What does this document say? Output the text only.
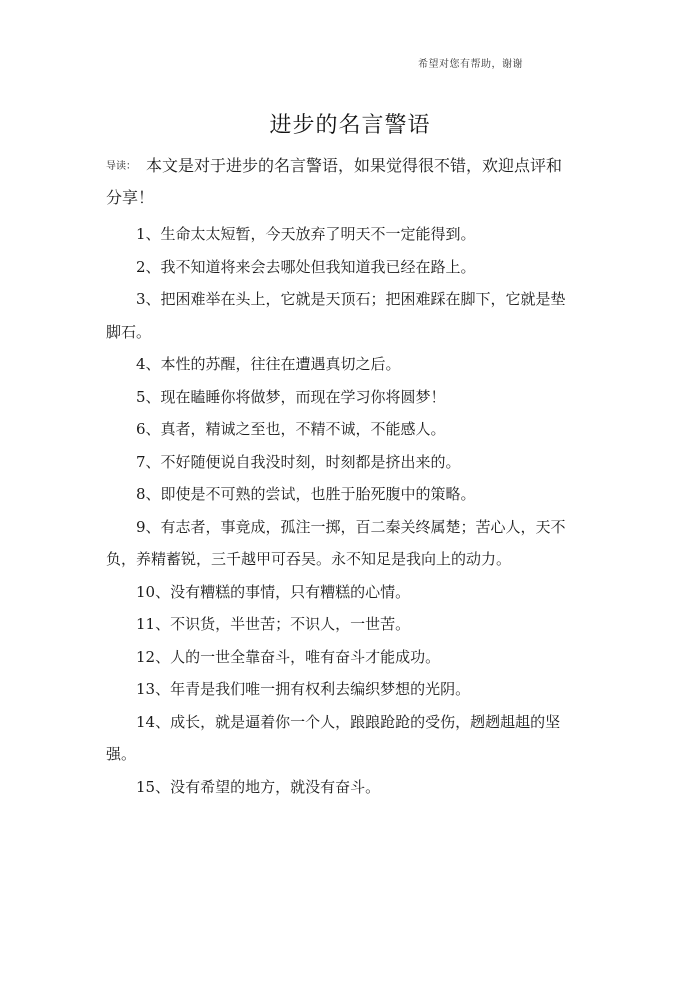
希望对您有帮助，谢谢
进步的名言警语
导读： 本文是对于进步的名言警语，如果觉得很不错，欢迎点评和分享！
1、生命太太短暂，今天放弃了明天不一定能得到。
2、我不知道将来会去哪处但我知道我已经在路上。
3、把困难举在头上，它就是天顶石；把困难踩在脚下，它就是垫脚石。
4、本性的苏醒，往往在遭遇真切之后。
5、现在瞌睡你将做梦，而现在学习你将圆梦！
6、真者，精诚之至也，不精不诚，不能感人。
7、不好随便说自我没时刻，时刻都是挤出来的。
8、即使是不可熟的尝试，也胜于胎死腹中的策略。
9、有志者，事竟成，孤注一掷，百二秦关终属楚；苦心人，天不负，养精蓄锐，三千越甲可吞吴。永不知足是我向上的动力。
10、没有糟糕的事情，只有糟糕的心情。
11、不识货，半世苦；不识人，一世苦。
12、人的一世全靠奋斗，唯有奋斗才能成功。
13、年青是我们唯一拥有权利去编织梦想的光阴。
14、成长，就是逼着你一个人，踉踉跄跄的受伤，趔趔趄趄的坚强。
15、没有希望的地方，就没有奋斗。
